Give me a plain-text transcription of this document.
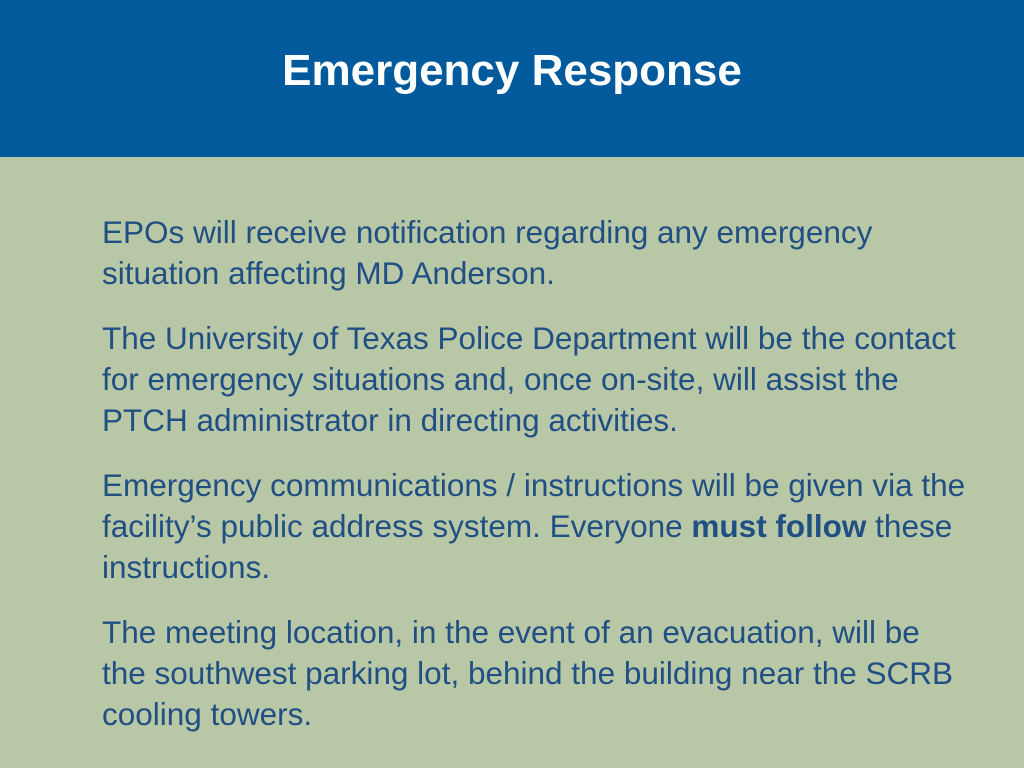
Emergency Response

EPOs will receive notification regarding any emergency situation affecting MD Anderson.

The University of Texas Police Department will be the contact for emergency situations and, once on-site, will assist the PTCH administrator in directing activities.

Emergency communications / instructions will be given via the facility’s public address system. Everyone must follow these instructions.

The meeting location, in the event of an evacuation, will be the southwest parking lot, behind the building near the SCRB cooling towers.
